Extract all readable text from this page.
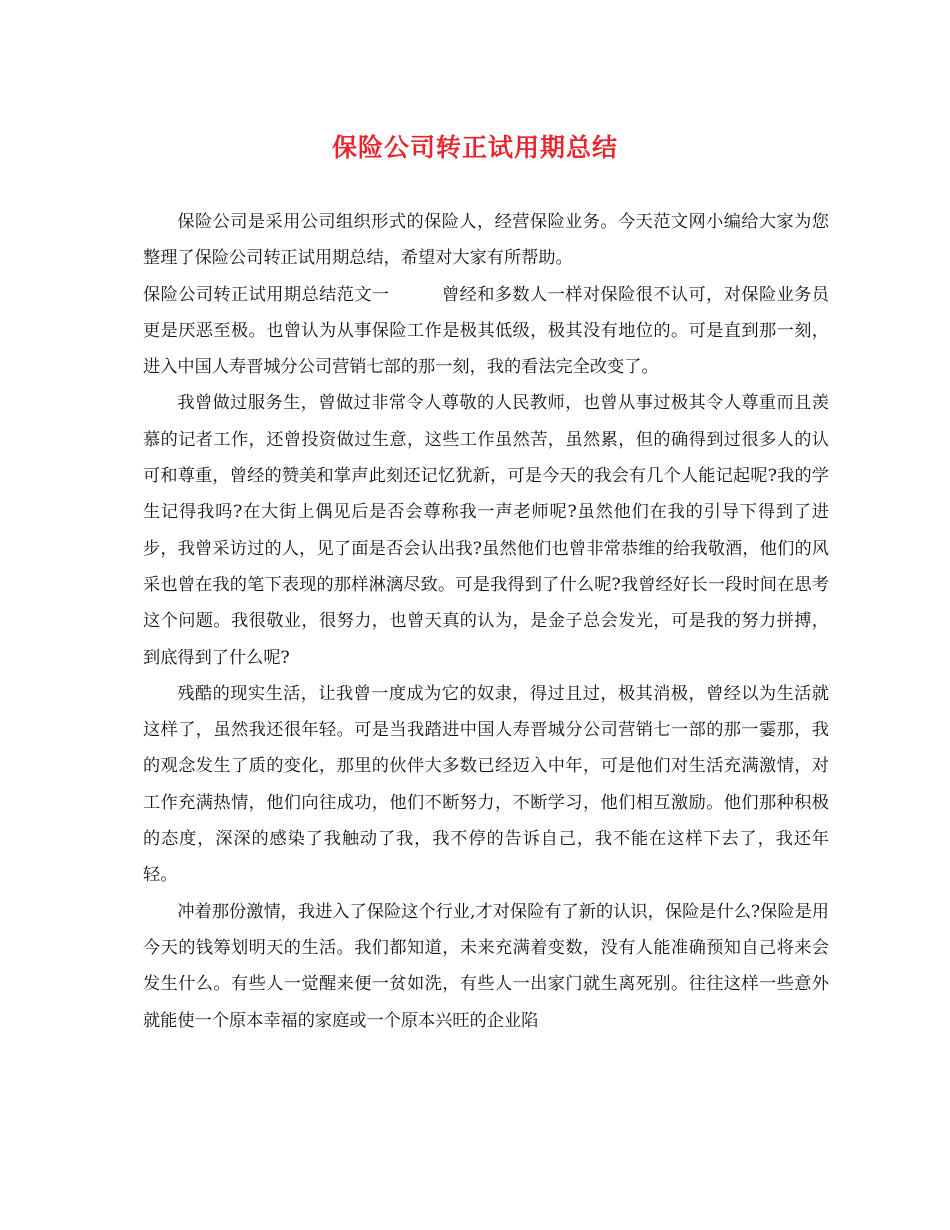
保险公司转正试用期总结

保险公司是采用公司组织形式的保险人，经营保险业务。今天范文网小编给大家为您整理了保险公司转正试用期总结，希望对大家有所帮助。

保险公司转正试用期总结范文一	曾经和多数人一样对保险很不认可，对保险业务员更是厌恶至极。也曾认为从事保险工作是极其低级，极其没有地位的。可是直到那一刻，进入中国人寿晋城分公司营销七部的那一刻，我的看法完全改变了。

我曾做过服务生，曾做过非常令人尊敬的人民教师，也曾从事过极其令人尊重而且羡慕的记者工作，还曾投资做过生意，这些工作虽然苦，虽然累，但的确得到过很多人的认可和尊重，曾经的赞美和掌声此刻还记忆犹新，可是今天的我会有几个人能记起呢?我的学生记得我吗?在大街上偶见后是否会尊称我一声老师呢?虽然他们在我的引导下得到了进步，我曾采访过的人，见了面是否会认出我?虽然他们也曾非常恭维的给我敬酒，他们的风采也曾在我的笔下表现的那样淋漓尽致。可是我得到了什么呢?我曾经好长一段时间在思考这个问题。我很敬业，很努力，也曾天真的认为，是金子总会发光，可是我的努力拼搏，到底得到了什么呢?

残酷的现实生活，让我曾一度成为它的奴隶，得过且过，极其消极，曾经以为生活就这样了，虽然我还很年轻。可是当我踏进中国人寿晋城分公司营销七一部的那一霎那，我的观念发生了质的变化，那里的伙伴大多数已经迈入中年，可是他们对生活充满激情，对工作充满热情，他们向往成功，他们不断努力，不断学习，他们相互激励。他们那种积极的态度，深深的感染了我触动了我，我不停的告诉自己，我不能在这样下去了，我还年轻。

冲着那份激情，我进入了保险这个行业,才对保险有了新的认识，保险是什么?保险是用今天的钱筹划明天的生活。我们都知道，未来充满着变数，没有人能准确预知自己将来会发生什么。有些人一觉醒来便一贫如洗，有些人一出家门就生离死别。往往这样一些意外就能使一个原本幸福的家庭或一个原本兴旺的企业陷
